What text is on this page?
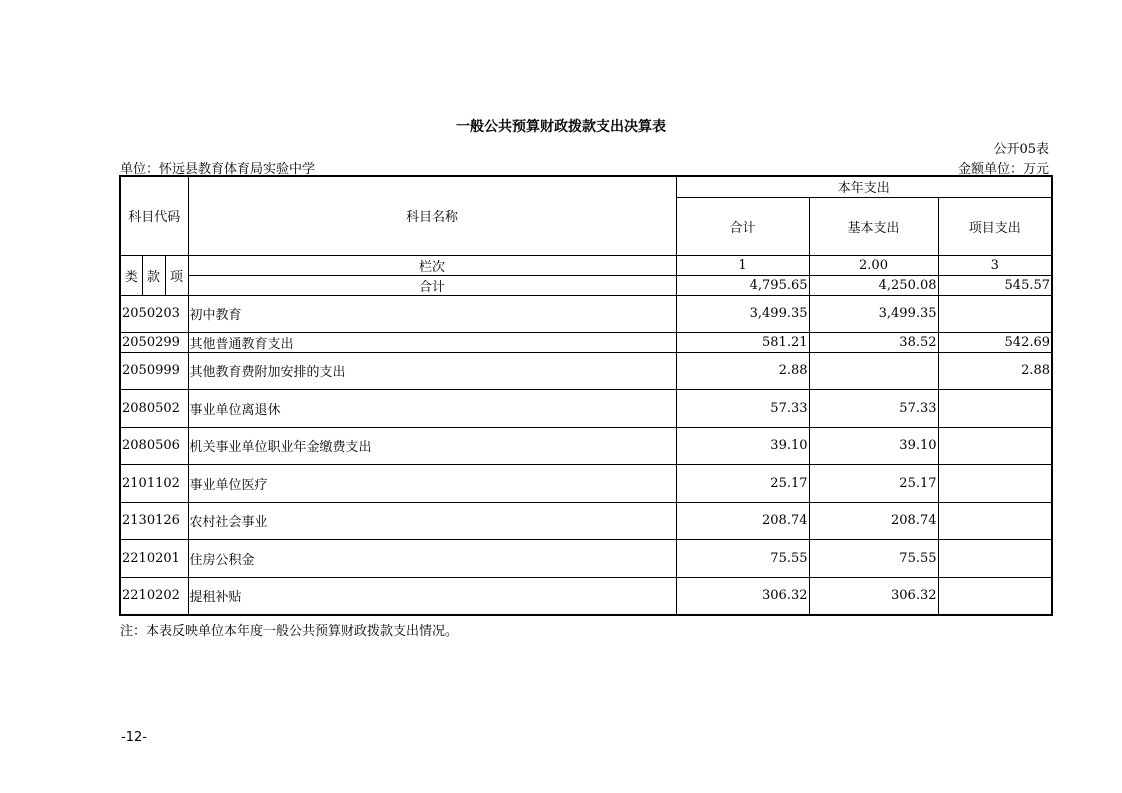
一般公共预算财政拨款支出决算表
公开05表
单位：怀远县教育体育局实验中学	金额单位：万元
科目代码			科目名称	本年支出		
				合计	基本支出	项目支出

类	款	项	栏次	1	2.00	3
			合计	4,795.65	4,250.08	545.57
2050203			初中教育	3,499.35	3,499.35	
2050299			其他普通教育支出	581.21	38.52	542.69
2050999			其他教育费附加安排的支出	2.88		2.88
2080502			事业单位离退休	57.33	57.33	
2080506			机关事业单位职业年金缴费支出	39.10	39.10	
2101102			事业单位医疗	25.17	25.17	
2130126			农村社会事业	208.74	208.74	
2210201			住房公积金	75.55	75.55	
2210202			提租补贴	306.32	306.32	
注：本表反映单位本年度一般公共预算财政拨款支出情况。
-12-
